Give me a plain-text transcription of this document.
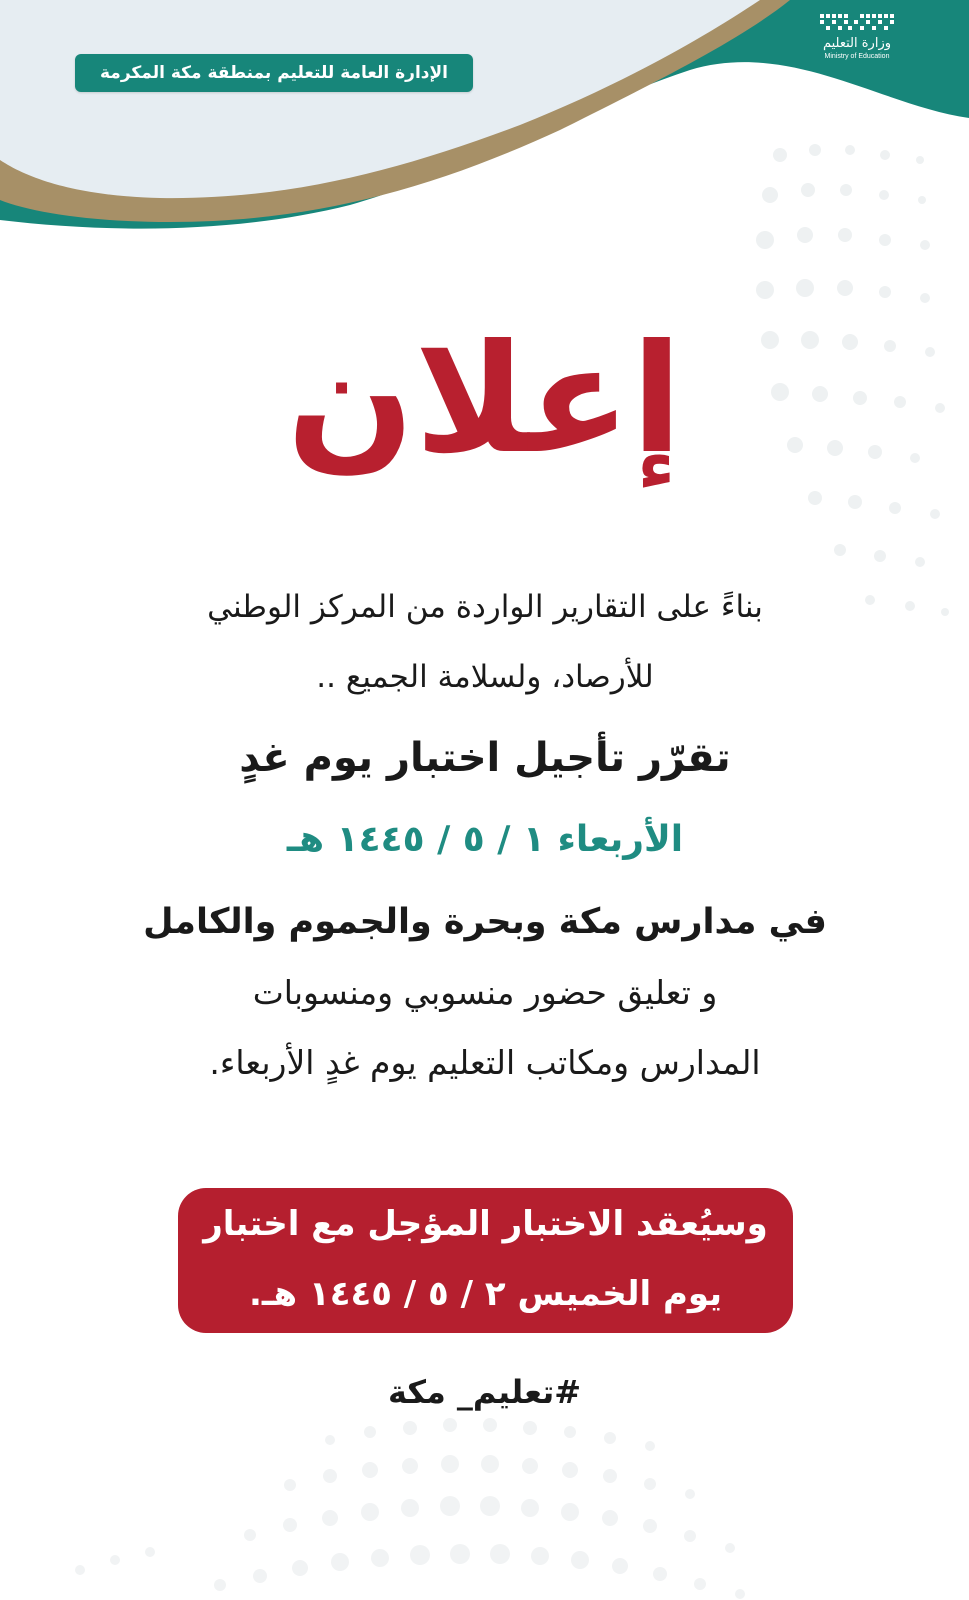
وزارة التعليم
Ministry of Education
الإدارة العامة للتعليم بمنطقة مكة المكرمة
إعلان
بناءً على التقارير الواردة من المركز الوطني
للأرصاد، ولسلامة الجميع ..
تقرّر تأجيل اختبار يوم غدٍ
الأربعاء ١ / ٥ / ١٤٤٥ هـ
في مدارس مكة وبحرة والجموم والكامل
و تعليق حضور منسوبي ومنسوبات
المدارس ومكاتب التعليم يوم غدٍ الأربعاء.
وسيُعقد الاختبار المؤجل مع اختبار
يوم الخميس ٢ / ٥ / ١٤٤٥ هـ.
#تعليم_ مكة
